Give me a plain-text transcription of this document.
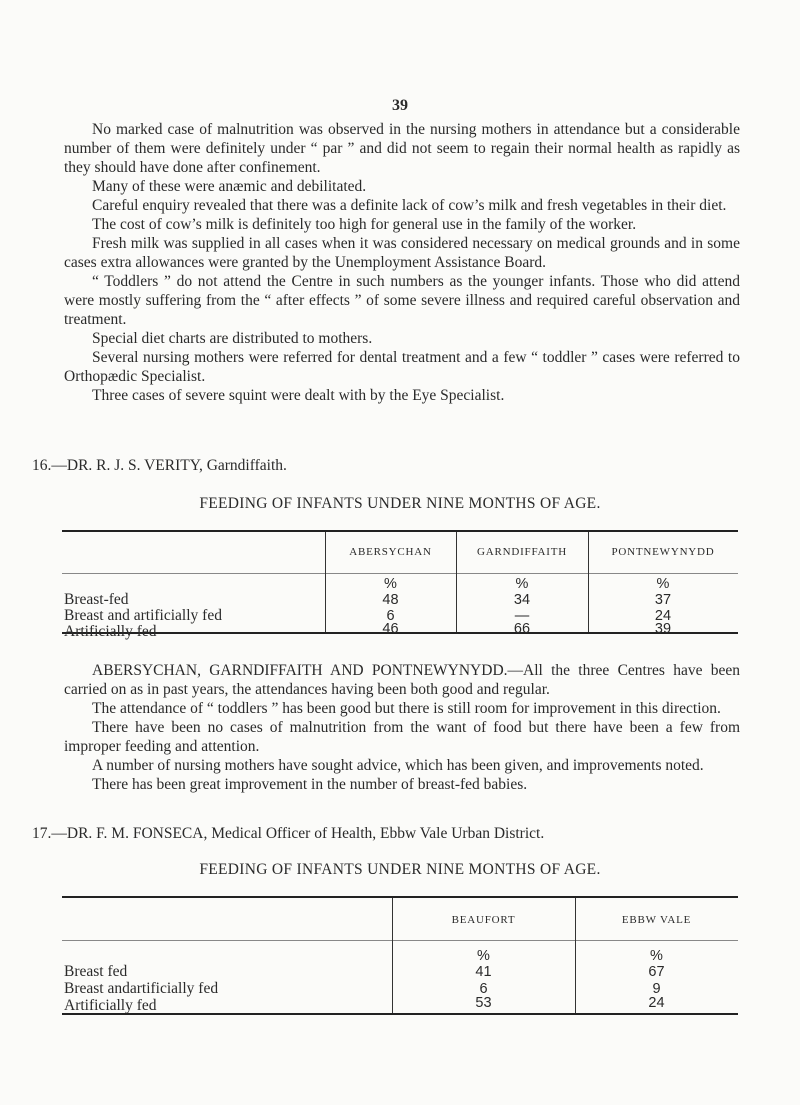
39

No marked case of malnutrition was observed in the nursing mothers in attendance but a considerable number of them were definitely under “ par ” and did not seem to regain their normal health as rapidly as they should have done after confinement.

Many of these were anæmic and debilitated.

Careful enquiry revealed that there was a definite lack of cow’s milk and fresh vegetables in their diet.

The cost of cow’s milk is definitely too high for general use in the family of the worker.

Fresh milk was supplied in all cases when it was considered necessary on medical grounds and in some cases extra allowances were granted by the Unemployment Assistance Board.

“ Toddlers ” do not attend the Centre in such numbers as the younger infants. Those who did attend were mostly suffering from the “ after effects ” of some severe illness and required careful observation and treatment.

Special diet charts are distributed to mothers.

Several nursing mothers were referred for dental treatment and a few “ toddler ” cases were referred to Orthopædic Specialist.

Three cases of severe squint were dealt with by the Eye Specialist.

16.—DR. R. J. S. VERITY, Garndiffaith.
FEEDING OF INFANTS UNDER NINE MONTHS OF AGE.
ABERSYCHAN	GARNDIFFAITH	PONTNEWYNYDD
%	%	%
Breast-fed	48	34	37
Breast and artificially fed	6	—	24
Artificially fed	46	66	39

ABERSYCHAN, GARNDIFFAITH AND PONTNEWYNYDD.—All the three Centres have been carried on as in past years, the attendances having been both good and regular.

The attendance of “ toddlers ” has been good but there is still room for improvement in this direction.

There have been no cases of malnutrition from the want of food but there have been a few from improper feeding and attention.

A number of nursing mothers have sought advice, which has been given, and improvements noted.

There has been great improvement in the number of breast-fed babies.

17.—DR. F. M. FONSECA, Medical Officer of Health, Ebbw Vale Urban District.
FEEDING OF INFANTS UNDER NINE MONTHS OF AGE.
BEAUFORT	EBBW VALE
%	%
Breast fed	41	67
Breast andartificially fed	6	9
Artificially fed	53	24
